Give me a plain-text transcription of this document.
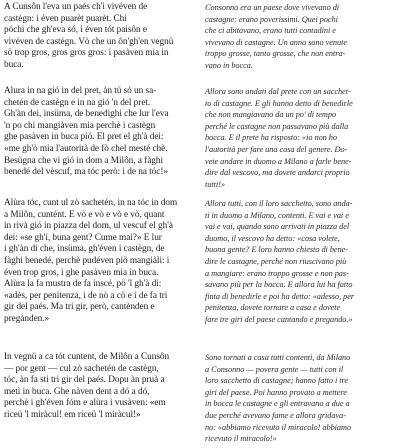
A Cunsôn l'eva un paés ch'i vivéven de
castègn: i éven puarèt puarèt. Chi
póchi che gh'eva só, i éven tót paisôn e
vivéven de castègn. Vò che un ôn'gh'en vegnü
sö trop gros, gros gros gros: i pasàven mia in
buca.

Consonno era un paese dove vivevano di
castagne: erano poverissimi. Quei pochi
che ci abitavano, erano tutti contadini e
vivevano di castagne. Un anno sono venute
troppo grosse, tanto grosse, che non entra-
vano in bocca.

Alura in na gió in del pret, àn tü só un sa-
chetén de castègn e in na gió 'n del pret.
Gh'àn dei, insüma, de benedighi che lur l'eva
'n po chi mangiàven mia perchè i castègn
ghe pasàven in buca piö. El pret el gh'à dei:
«me gh'ò mia l'autorità de fò chel mesté chè.
Besügna che vi gió in dom a Milôn, a fàghi
benedé del vèscuf, ma tóc però: i de na tóc!»

Allora sono andati dal prete con un sacchet-
to di castagne. E gli hanno detto di benedirle
che non mangiavano da un po' di tempo
perché le castagne non passavano più dalla
bocca. E il prete ha risposto: «io non ho
l'autorità per fare una cosa del genere. Do-
vete andare in duomo a Milano a farle bene-
dire dal vescovo, ma dovete andarci proprio
tutti!»

Alùra tóc, cunt ul zò sachetén, in na tóc in dom
a Milôn, cuntént. E vò e vò e vò e vò, quant
in rivà gió in piazza del dom, ul vescuf el gh'à
dei: «se gh'í, buna gent? Cume mai?» E lur
i gh'àn di che, insüma, gh'éven i castègn, de
fàghi benedé, perchè pudéven piö mangiàli: i
éven trop gros, i ghe pasàven mia in buca.
Alùra la fa mustra de fa inscé, pö 'l gh'à di:
«adès, per penitenza, i de nò a cö e i de fa tri
gir del paés. Ma tri gir, però, cantènden e
pregànden.»

Allora tutti, con il loro sacchetto, sono anda-
ti in duomo a Milano, contenti. E vai e vai e
vai e vai, quando sono arrivati in piazza del
duomo, il vescovo ha detto: «cosa volete,
buona gente? E loro hanno chiesto di bene-
dire le castagne, perché non riuscivano più
a mangiare: erano troppo grosse e non pas-
savano più per la bocca. E allora lui ha fatto
finta di benedirle e poi ha detto: «adesso, per
penitenza, dovete tornare a casa e dovete
fare tre giri del paese cantando e pregando.»

In vegnü a ca tót cuntent, de Milôn a Cunsôn
— por gent — cul zò sachetén de castègn,
tóc, àn fa sti tri gir del paés. Dopu àn pruà a
metì in buca. Ghe nàven dent a dó a dó,
perchè i gh'éven fóm e alùra i vusàven: «em
riceü 'l miràcul! em riceü 'l miràcul!»

Sono tornati a casa tutti contenti, da Milano
a Consonno — povera gente — tutti con il
loro sacchetto di castagne; hanno fatto i tre
giri del paese. Poi hanno provato a mettere
in bocca le castagne e gli entravano a due a
due perché avevano fame e allora gridava-
no: «abbiamo ricevuto il miracolo! abbiamo
ricevuto il miracolo!»
